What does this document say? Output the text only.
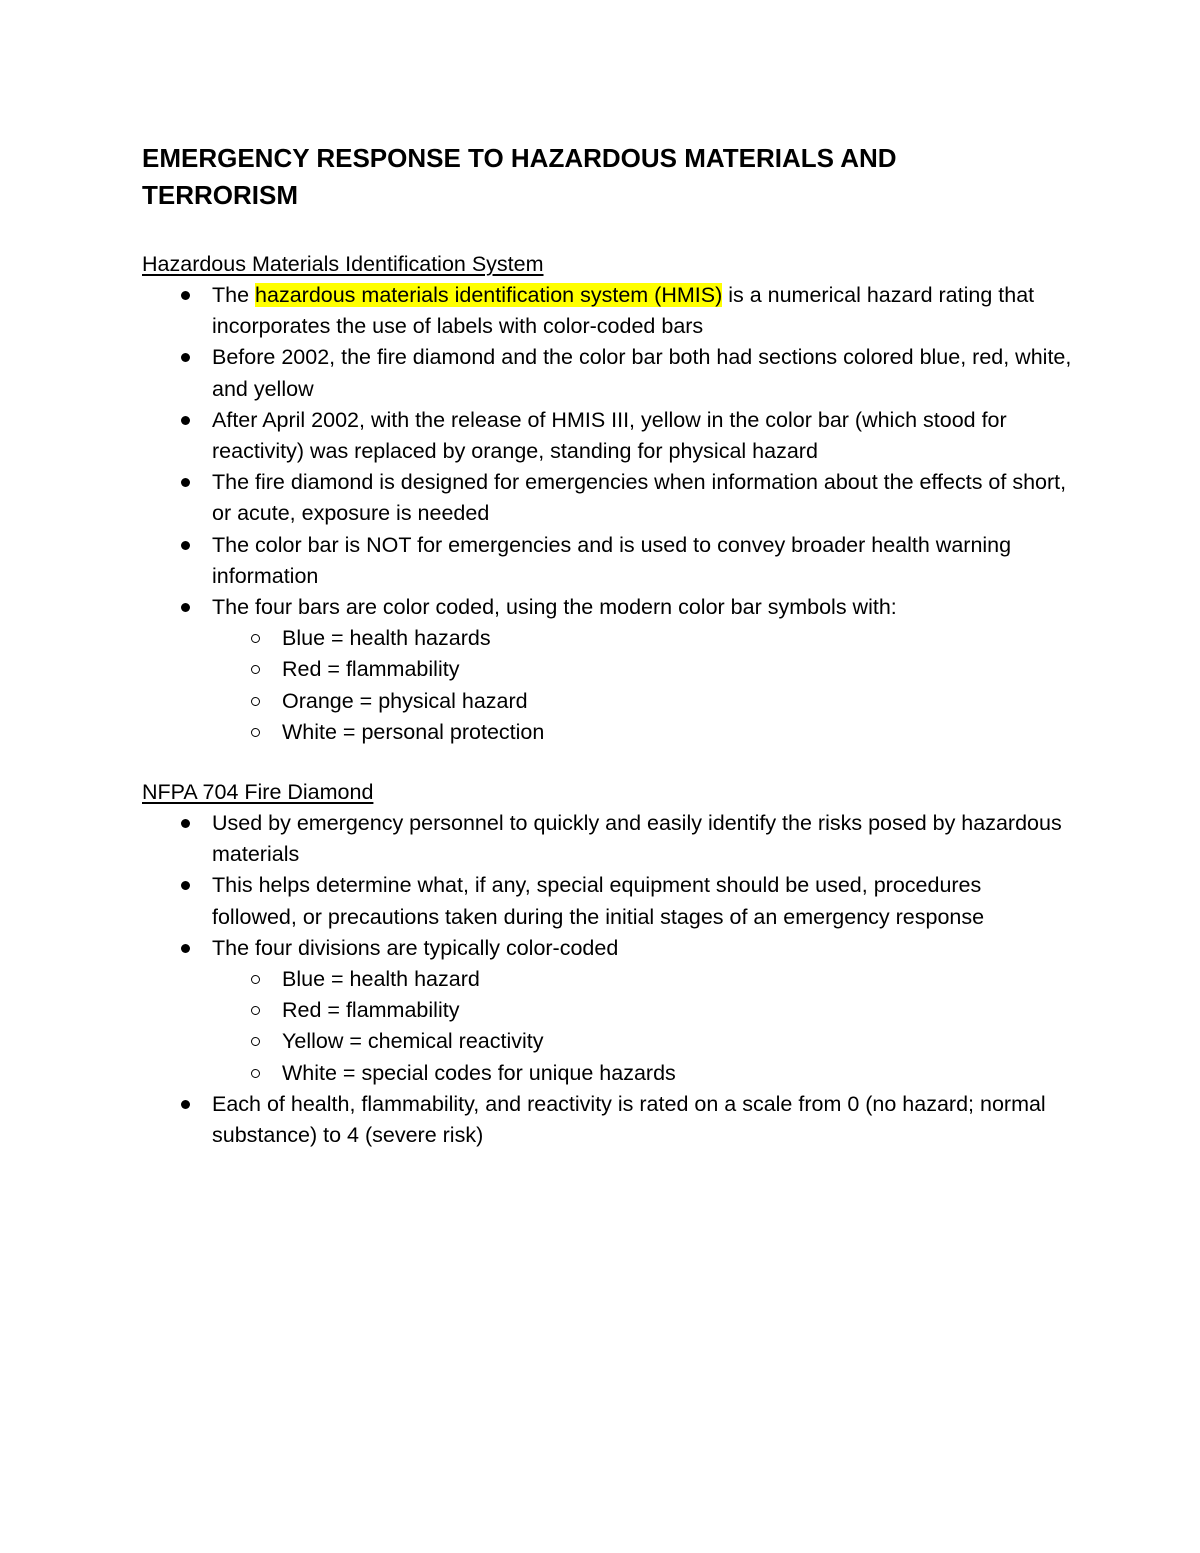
EMERGENCY RESPONSE TO HAZARDOUS MATERIALS AND TERRORISM
Hazardous Materials Identification System
The hazardous materials identification system (HMIS) is a numerical hazard rating that incorporates the use of labels with color-coded bars
Before 2002, the fire diamond and the color bar both had sections colored blue, red, white, and yellow
After April 2002, with the release of HMIS III, yellow in the color bar (which stood for reactivity) was replaced by orange, standing for physical hazard
The fire diamond is designed for emergencies when information about the effects of short, or acute, exposure is needed
The color bar is NOT for emergencies and is used to convey broader health warning information
The four bars are color coded, using the modern color bar symbols with:
Blue = health hazards
Red = flammability
Orange = physical hazard
White = personal protection
NFPA 704 Fire Diamond
Used by emergency personnel to quickly and easily identify the risks posed by hazardous materials
This helps determine what, if any, special equipment should be used, procedures followed, or precautions taken during the initial stages of an emergency response
The four divisions are typically color-coded
Blue = health hazard
Red = flammability
Yellow = chemical reactivity
White = special codes for unique hazards
Each of health, flammability, and reactivity is rated on a scale from 0 (no hazard; normal substance) to 4 (severe risk)
